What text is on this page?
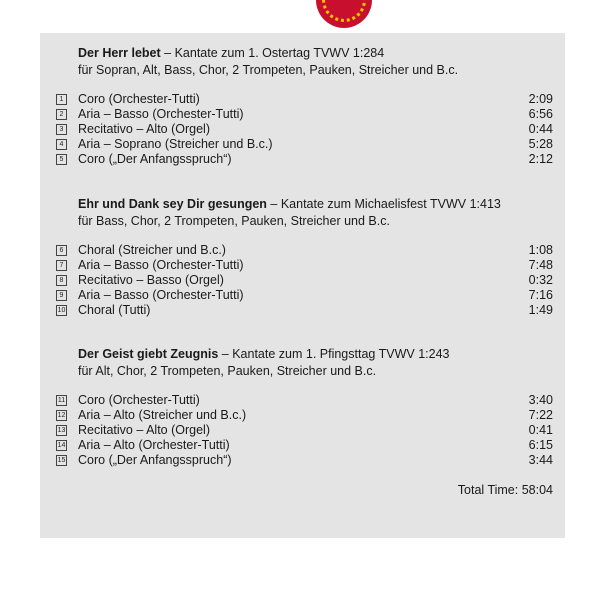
Der Herr lebet – Kantate zum 1. Ostertag TVWV 1:284
für Sopran, Alt, Bass, Chor, 2 Trompeten, Pauken, Streicher und B.c.
1 Coro (Orchester-Tutti)	2:09
2 Aria – Basso (Orchester-Tutti)	6:56
3 Recitativo – Alto (Orgel)	0:44
4 Aria – Soprano (Streicher und B.c.)	5:28
5 Coro („Der Anfangsspruch“)	2:12
Ehr und Dank sey Dir gesungen – Kantate zum Michaelisfest TVWV 1:413
für Bass, Chor, 2 Trompeten, Pauken, Streicher und B.c.
6 Choral (Streicher und B.c.)	1:08
7 Aria – Basso (Orchester-Tutti)	7:48
8 Recitativo – Basso (Orgel)	0:32
9 Aria – Basso (Orchester-Tutti)	7:16
10 Choral (Tutti)	1:49
Der Geist giebt Zeugnis – Kantate zum 1. Pfingsttag TVWV 1:243
für Alt, Chor, 2 Trompeten, Pauken, Streicher und B.c.
11 Coro (Orchester-Tutti)	3:40
12 Aria – Alto (Streicher und B.c.)	7:22
13 Recitativo – Alto (Orgel)	0:41
14 Aria – Alto (Orchester-Tutti)	6:15
15 Coro („Der Anfangsspruch“)	3:44
Total Time: 58:04
